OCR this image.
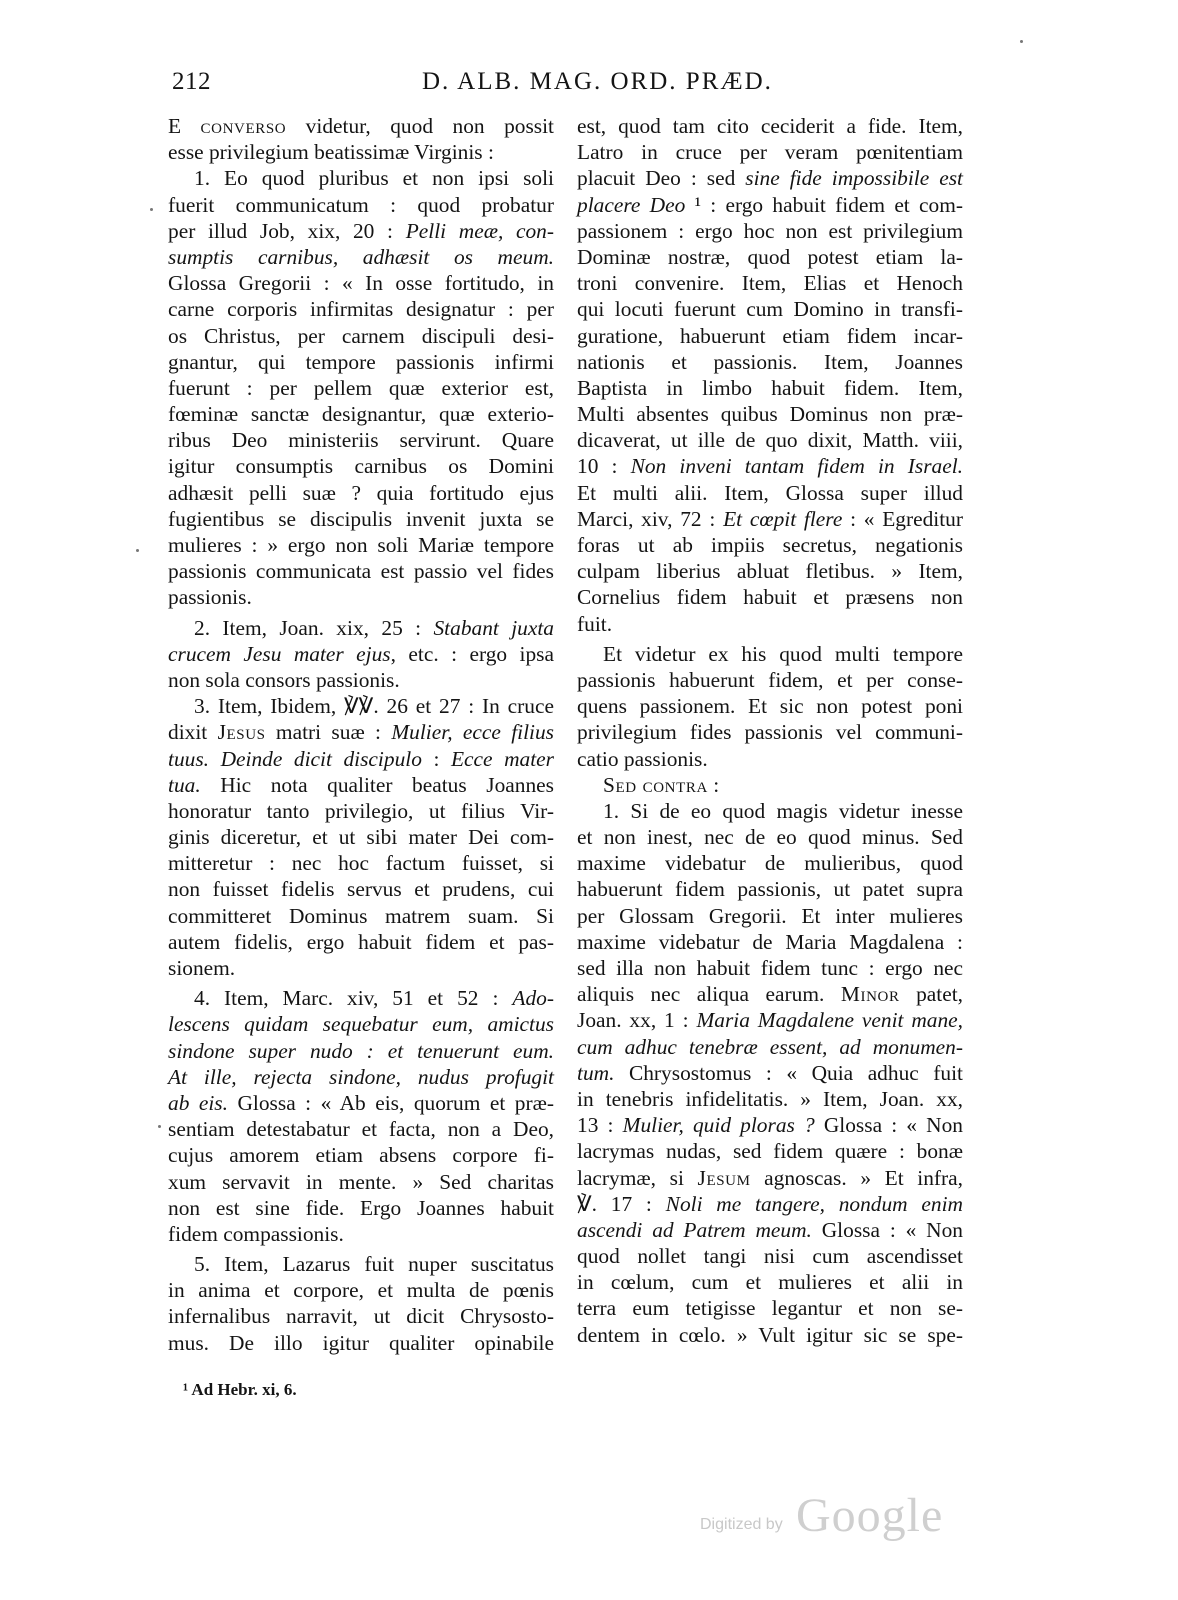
212	D. ALB. MAG. ORD. PRÆD.
E converso videtur, quod non possit
esse privilegium beatissimæ Virginis :
1. Eo quod pluribus et non ipsi soli
fuerit communicatum : quod probatur
per illud Job, xix, 20 : Pelli meæ, con-
sumptis carnibus, adhæsit os meum.
Glossa Gregorii : « In osse fortitudo, in
carne corporis infirmitas designatur : per
os Christus, per carnem discipuli desi-
gnantur, qui tempore passionis infirmi
fuerunt : per pellem quæ exterior est,
fœminæ sanctæ designantur, quæ exterio-
ribus Deo ministeriis servirunt. Quare
igitur consumptis carnibus os Domini
adhæsit pelli suæ ? quia fortitudo ejus
fugientibus se discipulis invenit juxta se
mulieres : » ergo non soli Mariæ tempore
passionis communicata est passio vel fides
passionis.
2. Item, Joan. xix, 25 : Stabant juxta
crucem Jesu mater ejus, etc. : ergo ipsa
non sola consors passionis.
3. Item, Ibidem, ℣℣. 26 et 27 : In cruce
dixit Jesus matri suæ : Mulier, ecce filius
tuus. Deinde dicit discipulo : Ecce mater
tua. Hic nota qualiter beatus Joannes
honoratur tanto privilegio, ut filius Vir-
ginis diceretur, et ut sibi mater Dei com-
mitteretur : nec hoc factum fuisset, si
non fuisset fidelis servus et prudens, cui
committeret Dominus matrem suam. Si
autem fidelis, ergo habuit fidem et pas-
sionem.
4. Item, Marc. xiv, 51 et 52 : Ado-
lescens quidam sequebatur eum, amictus
sindone super nudo : et tenuerunt eum.
At ille, rejecta sindone, nudus profugit
ab eis. Glossa : « Ab eis, quorum et præ-
sentiam detestabatur et facta, non a Deo,
cujus amorem etiam absens corpore fi-
xum servavit in mente. » Sed charitas
non est sine fide. Ergo Joannes habuit
fidem compassionis.
5. Item, Lazarus fuit nuper suscitatus
in anima et corpore, et multa de pœnis
infernalibus narravit, ut dicit Chrysosto-
mus. De illo igitur qualiter opinabile
est, quod tam cito ceciderit a fide. Item,
Latro in cruce per veram pœnitentiam
placuit Deo : sed sine fide impossibile est
placere Deo ¹ : ergo habuit fidem et com-
passionem : ergo hoc non est privilegium
Dominæ nostræ, quod potest etiam la-
troni convenire. Item, Elias et Henoch
qui locuti fuerunt cum Domino in transfi-
guratione, habuerunt etiam fidem incar-
nationis et passionis. Item, Joannes
Baptista in limbo habuit fidem. Item,
Multi absentes quibus Dominus non præ-
dicaverat, ut ille de quo dixit, Matth. viii,
10 : Non inveni tantam fidem in Israel.
Et multi alii. Item, Glossa super illud
Marci, xiv, 72 : Et cœpit flere : « Egreditur
foras ut ab impiis secretus, negationis
culpam liberius abluat fletibus. » Item,
Cornelius fidem habuit et præsens non
fuit.
Et videtur ex his quod multi tempore
passionis habuerunt fidem, et per conse-
quens passionem. Et sic non potest poni
privilegium fides passionis vel communi-
catio passionis.
Sed contra :
1. Si de eo quod magis videtur inesse
et non inest, nec de eo quod minus. Sed
maxime videbatur de mulieribus, quod
habuerunt fidem passionis, ut patet supra
per Glossam Gregorii. Et inter mulieres
maxime videbatur de Maria Magdalena :
sed illa non habuit fidem tunc : ergo nec
aliquis nec aliqua earum. Minor patet,
Joan. xx, 1 : Maria Magdalene venit mane,
cum adhuc tenebræ essent, ad monumen-
tum. Chrysostomus : « Quia adhuc fuit
in tenebris infidelitatis. » Item, Joan. xx,
13 : Mulier, quid ploras ? Glossa : « Non
lacrymas nudas, sed fidem quære : bonæ
lacrymæ, si Jesum agnoscas. » Et infra,
℣. 17 : Noli me tangere, nondum enim
ascendi ad Patrem meum. Glossa : « Non
quod nollet tangi nisi cum ascendisset
in cœlum, cum et mulieres et alii in
terra eum tetigisse legantur et non se-
dentem in cœlo. » Vult igitur sic se spe-
¹ Ad Hebr. xi, 6.
Digitized by Google
